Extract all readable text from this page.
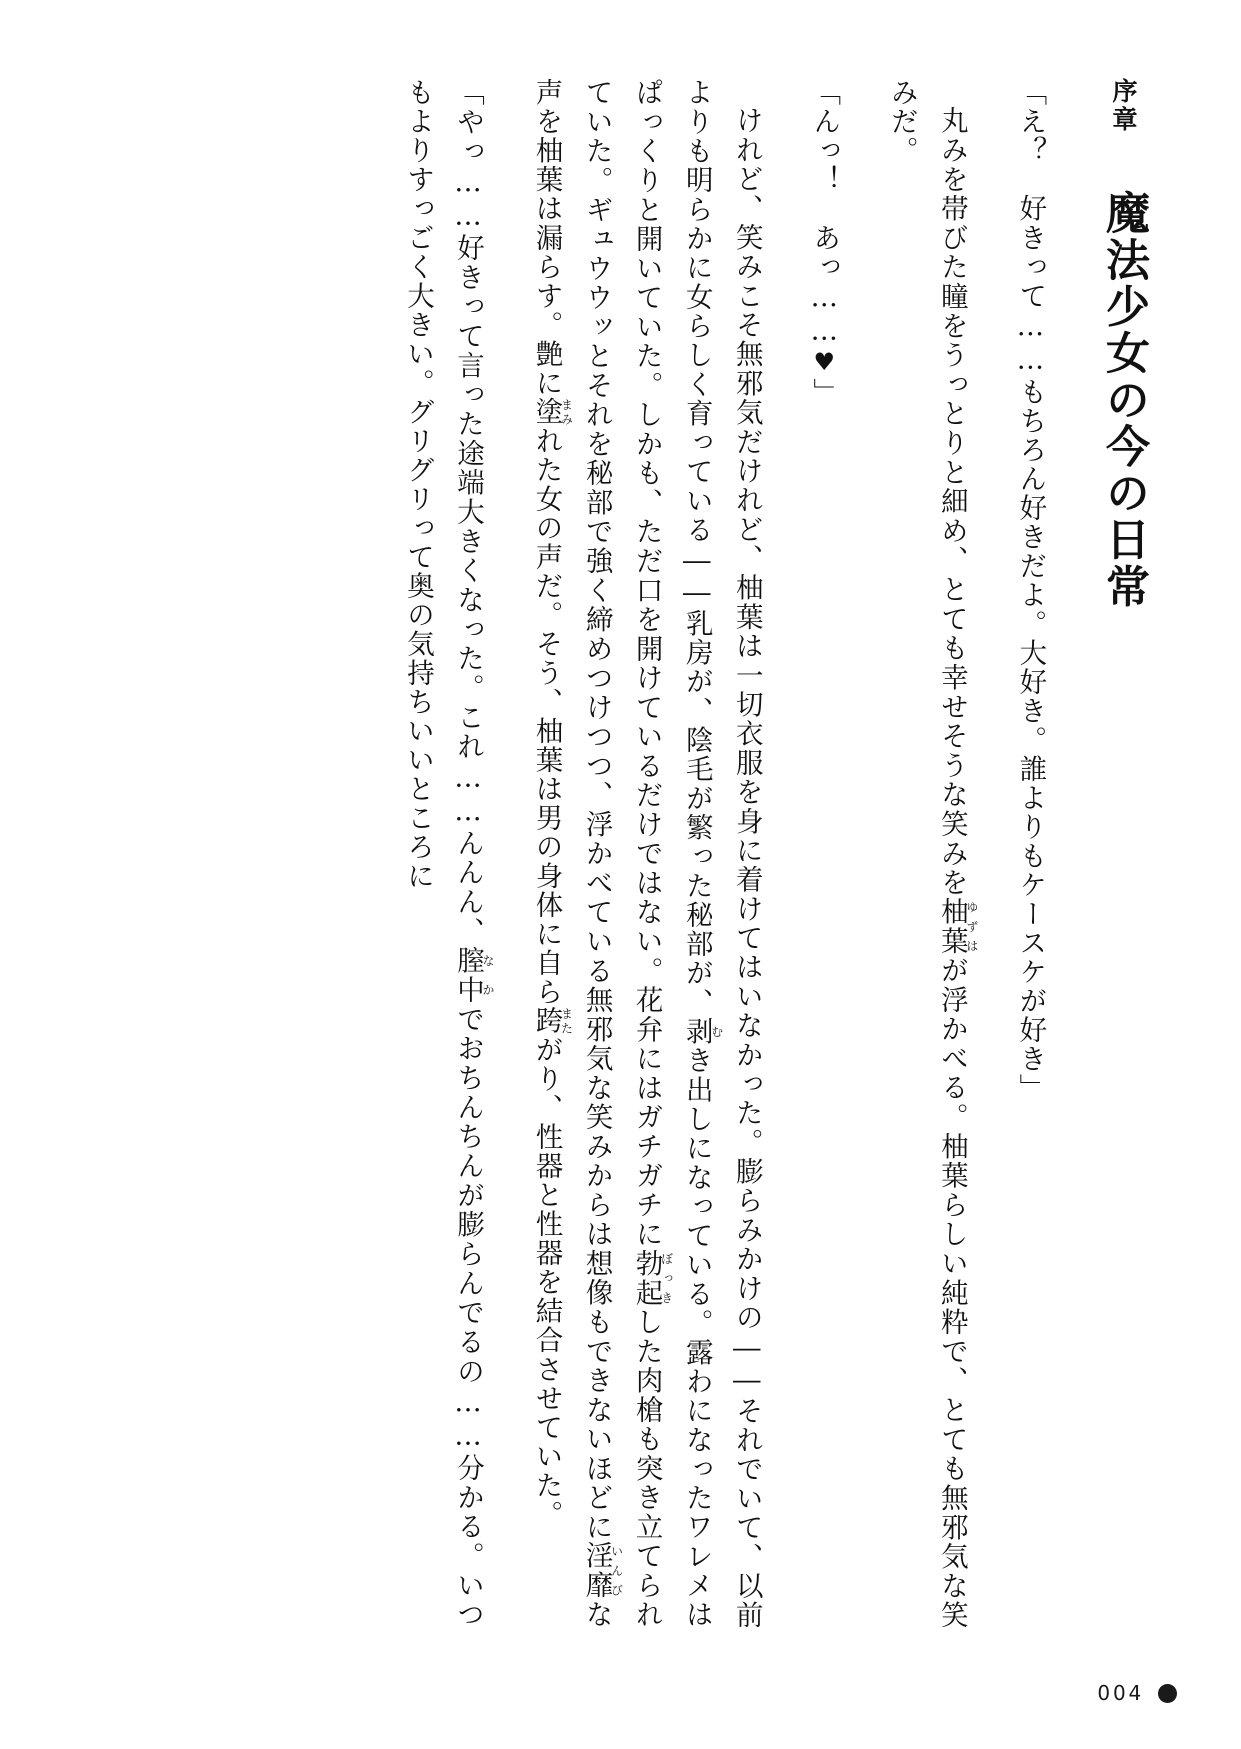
序章 魔法少女の今の日常

「え？　好きって……もちろん好きだよ。大好き。誰よりもケースケが好き」

丸みを帯びた瞳をうっとりと細め、とても幸せそうな笑みを柚葉ゆずはが浮かべる。柚葉らしい純粋で、とても無邪気な笑みだ。

「んっ！　あっ……♥」

けれど、笑みこそ無邪気だけれど、柚葉は一切衣服を身に着けてはいなかった。膨らみかけの――それでいて、以前よりも明らかに女らしく育っている――乳房が、陰毛が繁った秘部が、剥むき出しになっている。露わになったワレメはぱっくりと開いていた。しかも、ただ口を開けているだけではない。花弁にはガチガチに勃起ぼっきした肉槍も突き立てられていた。ギュウウッとそれを秘部で強く締めつけつつ、浮かべている無邪気な笑みからは想像もできないほどに淫靡いんびな声を柚葉は漏らす。艶に塗まみれた女の声だ。そう、柚葉は男の身体に自ら跨またがり、性器と性器を結合させていた。

「やっ……好きって言った途端大きくなった。これ……んんん、膣中なかでおちんちんが膨らんでるの……分かる。いつもよりすっごく大きい。グリグリって奥の気持ちいいところに

004
